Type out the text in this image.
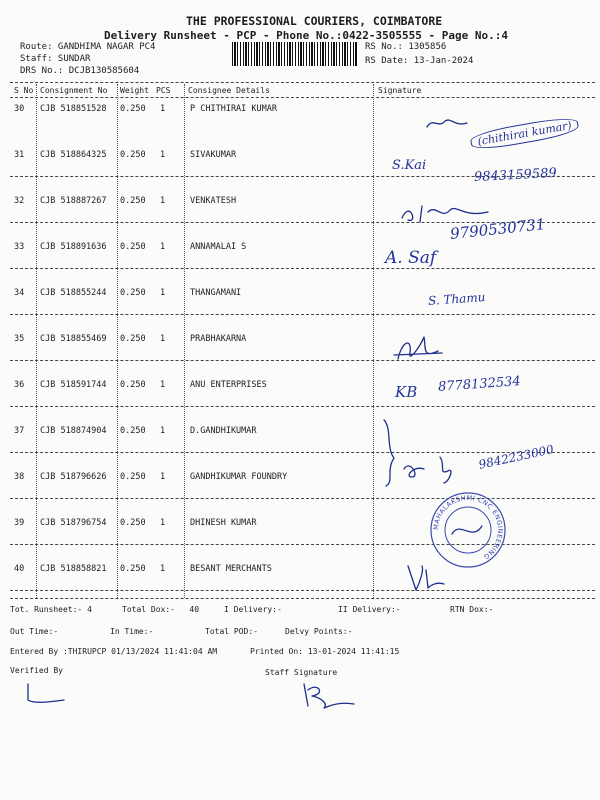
THE PROFESSIONAL COURIERS, COIMBATORE
Delivery Runsheet - PCP - Phone No.:0422-3505555 - Page No.:4
Route: GANDHIMA NAGAR PC4
Staff: SUNDAR
DRS No.: DCJB130585604
RS No.: 1305856
RS Date: 13-Jan-2024
S No Consignment No Weight PCS Consignee Details	Signature
30 CJB 518851528 0.250 1	P CHITHIRAI KUMAR
31 CJB 518864325 0.250 1	SIVAKUMAR
32 CJB 518887267 0.250 1	VENKATESH
33 CJB 518891636 0.250 1	ANNAMALAI S
34 CJB 518855244 0.250 1	THANGAMANI
35 CJB 518855469 0.250 1	PRABHAKARNA
36 CJB 518591744 0.250 1	ANU ENTERPRISES
37 CJB 518874904 0.250 1	D.GANDHIKUMAR
38 CJB 518796626 0.250 1	GANDHIKUMAR FOUNDRY
39 CJB 518796754 0.250 1	DHINESH KUMAR
40 CJB 518858821 0.250 1	BESANT MERCHANTS
(chithirai kumar)
S.Kai
9843159589
9790530731
A. Saf
S. Thamu
KB 8778132534
9842233000
MAHALAKSHMI CNC ENGINEERING
Tot. Runsheet:- 4	Total Dox:-   40	I Delivery:-	II Delivery:-	RTN Dox:-
Out Time:-	In Time:-	Total POD:-	Delvy Points:-
Entered By :THIRUPCP 01/13/2024 11:41:04 AM	Printed On: 13-01-2024 11:41:15
Verified By	Staff Signature
